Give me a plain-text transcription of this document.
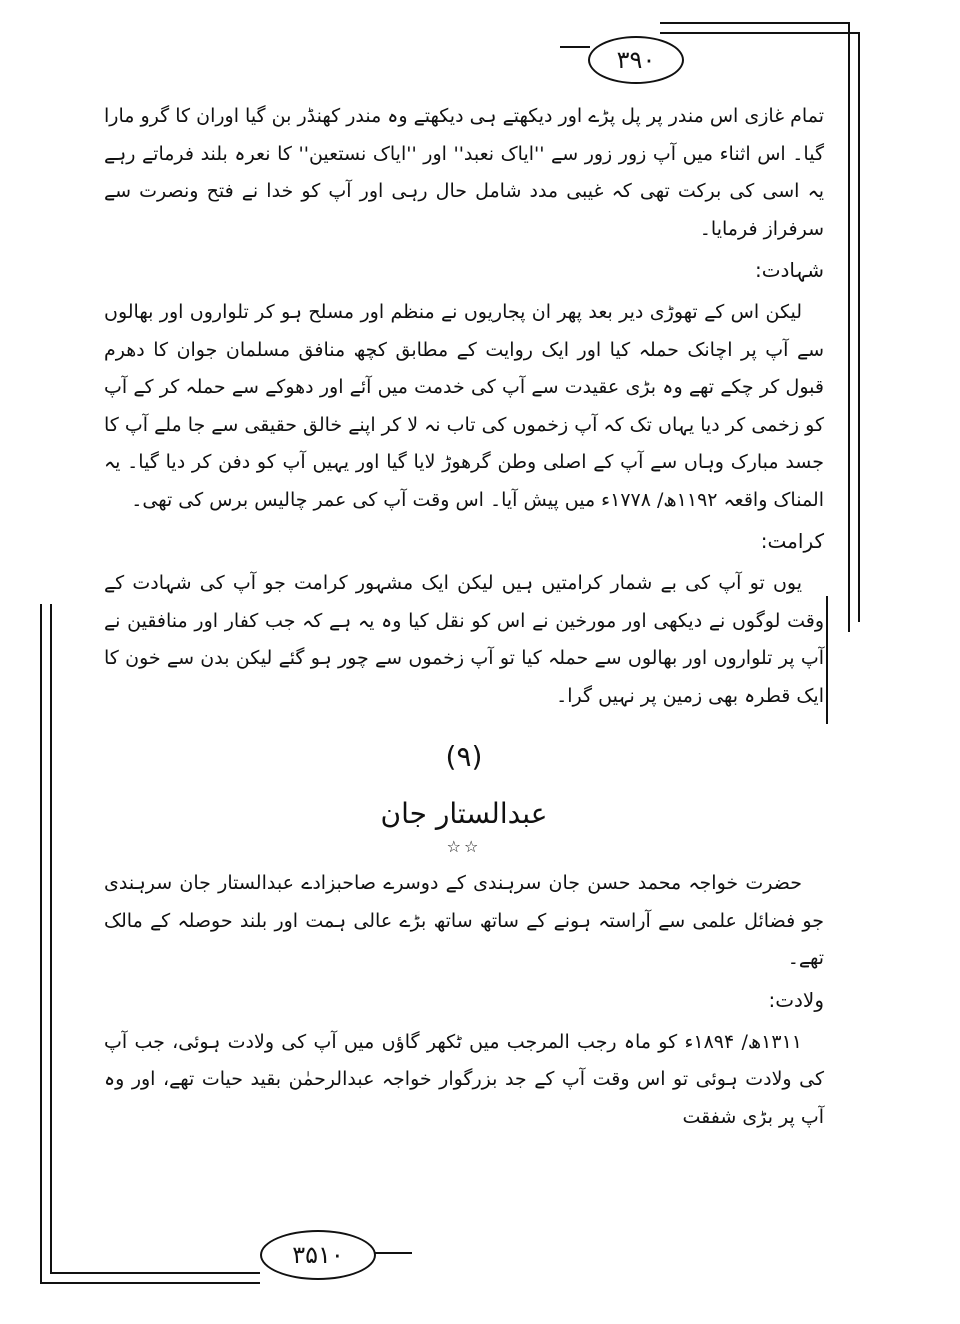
۳۹۰

تمام غازی اس مندر پر پل پڑے اور دیکھتے ہی دیکھتے وہ مندر کھنڈر بن گیا اوران کا گرو مارا گیا۔ اس اثناء میں آپ زور زور سے ''ایاک نعبد'' اور ''ایاک نستعین'' کا نعرہ بلند فرماتے رہے یہ اسی کی برکت تھی کہ غیبی مدد شامل حال رہی اور آپ کو خدا نے فتح ونصرت سے سرفراز فرمایا۔

شہادت:

لیکن اس کے تھوڑی دیر بعد پھر ان پجاریوں نے منظم اور مسلح ہو کر تلواروں اور بھالوں سے آپ پر اچانک حملہ کیا اور ایک روایت کے مطابق کچھ منافق مسلمان جوان کا دھرم قبول کر چکے تھے وہ بڑی عقیدت سے آپ کی خدمت میں آئے اور دھوکے سے حملہ کر کے آپ کو زخمی کر دیا یہاں تک کہ آپ زخموں کی تاب نہ لا کر اپنے خالق حقیقی سے جا ملے آپ کا جسد مبارک وہاں سے آپ کے اصلی وطن گرھوڑ لایا گیا اور یہیں آپ کو دفن کر دیا گیا۔ یہ المناک واقعہ ۱۱۹۲ھ/ ۱۷۷۸ء میں پیش آیا۔ اس وقت آپ کی عمر چالیس برس کی تھی۔

کرامت:

یوں تو آپ کی بے شمار کرامتیں ہیں لیکن ایک مشہور کرامت جو آپ کی شہادت کے وقت لوگوں نے دیکھی اور مورخین نے اس کو نقل کیا وہ یہ ہے کہ جب کفار اور منافقین نے آپ پر تلواروں اور بھالوں سے حملہ کیا تو آپ زخموں سے چور ہو گئے لیکن بدن سے خون کا ایک قطرہ بھی زمین پر نہیں گرا۔

(۹)
عبدالستار جان
☆☆

حضرت خواجہ محمد حسن جان سرہندی کے دوسرے صاحبزادے عبدالستار جان سرہندی جو فضائل علمی سے آراستہ ہونے کے ساتھ ساتھ بڑے عالی ہمت اور بلند حوصلہ کے مالک تھے۔

ولادت:

۱۳۱۱ھ/ ۱۸۹۴ء کو ماہ رجب المرجب میں ٹکھر گاؤں میں آپ کی ولادت ہوئی، جب آپ کی ولادت ہوئی تو اس وقت آپ کے جد بزرگوار خواجہ عبدالرحمٰن بقید حیات تھے، اور وہ آپ پر بڑی شفقت

۳۵۱۰
